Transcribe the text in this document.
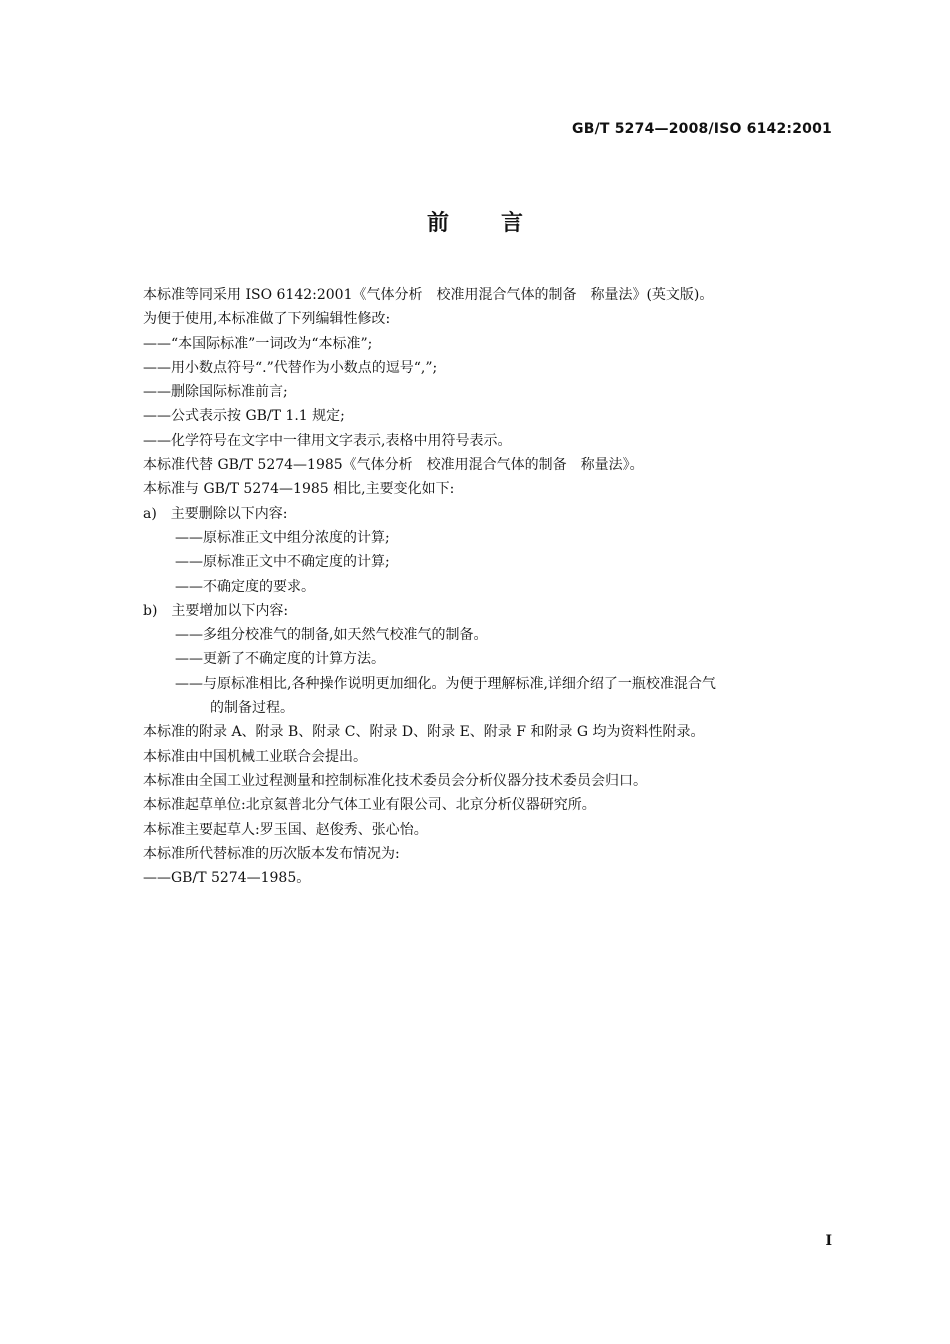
GB/T 5274—2008/ISO 6142:2001
前言
本标准等同采用 ISO 6142:2001《气体分析　校准用混合气体的制备　称量法》(英文版)。
为便于使用,本标准做了下列编辑性修改:
——“本国际标准”一词改为“本标准”;
——用小数点符号“.”代替作为小数点的逗号“,”;
——删除国际标准前言;
——公式表示按 GB/T 1.1 规定;
——化学符号在文字中一律用文字表示,表格中用符号表示。
本标准代替 GB/T 5274—1985《气体分析　校准用混合气体的制备　称量法》。
本标准与 GB/T 5274—1985 相比,主要变化如下:
a)　主要删除以下内容:
——原标准正文中组分浓度的计算;
——原标准正文中不确定度的计算;
——不确定度的要求。
b)　主要增加以下内容:
——多组分校准气的制备,如天然气校准气的制备。
——更新了不确定度的计算方法。
——与原标准相比,各种操作说明更加细化。为便于理解标准,详细介绍了一瓶校准混合气
的制备过程。
本标准的附录 A、附录 B、附录 C、附录 D、附录 E、附录 F 和附录 G 均为资料性附录。
本标准由中国机械工业联合会提出。
本标准由全国工业过程测量和控制标准化技术委员会分析仪器分技术委员会归口。
本标准起草单位:北京氦普北分气体工业有限公司、北京分析仪器研究所。
本标准主要起草人:罗玉国、赵俊秀、张心怡。
本标准所代替标准的历次版本发布情况为:
——GB/T 5274—1985。
I
